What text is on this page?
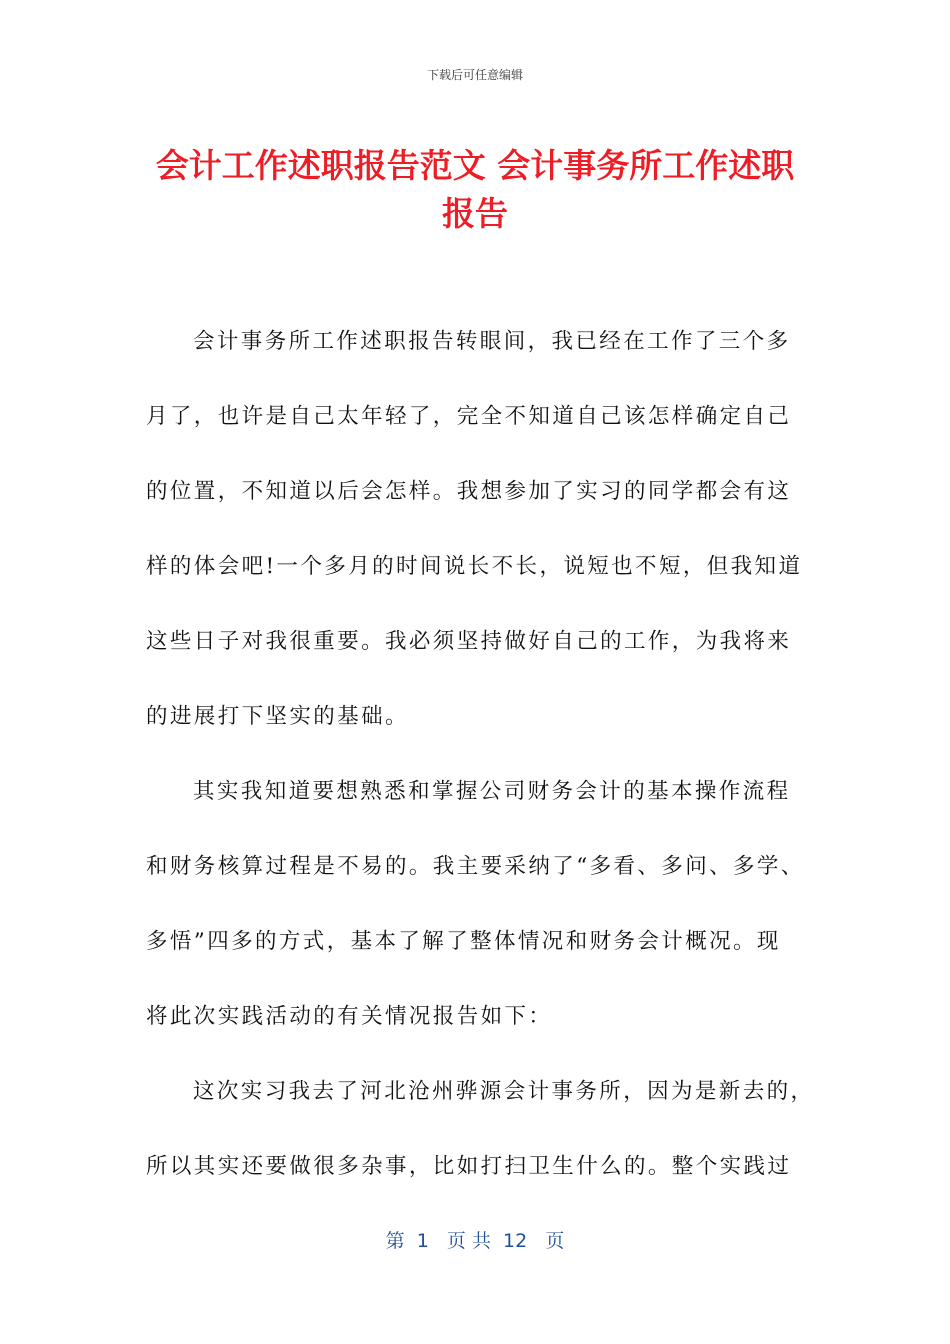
下载后可任意编辑
会计工作述职报告范文 会计事务所工作述职
报告
会计事务所工作述职报告转眼间，我已经在工作了三个多
月了，也许是自己太年轻了，完全不知道自己该怎样确定自己
的位置，不知道以后会怎样。我想参加了实习的同学都会有这
样的体会吧!一个多月的时间说长不长，说短也不短，但我知道
这些日子对我很重要。我必须坚持做好自己的工作，为我将来
的进展打下坚实的基础。
其实我知道要想熟悉和掌握公司财务会计的基本操作流程
和财务核算过程是不易的。我主要采纳了“多看、多问、多学、
多悟”四多的方式，基本了解了整体情况和财务会计概况。现
将此次实践活动的有关情况报告如下：
这次实习我去了河北沧州骅源会计事务所，因为是新去的，
所以其实还要做很多杂事，比如打扫卫生什么的。整个实践过
第  1   页 共  12   页
